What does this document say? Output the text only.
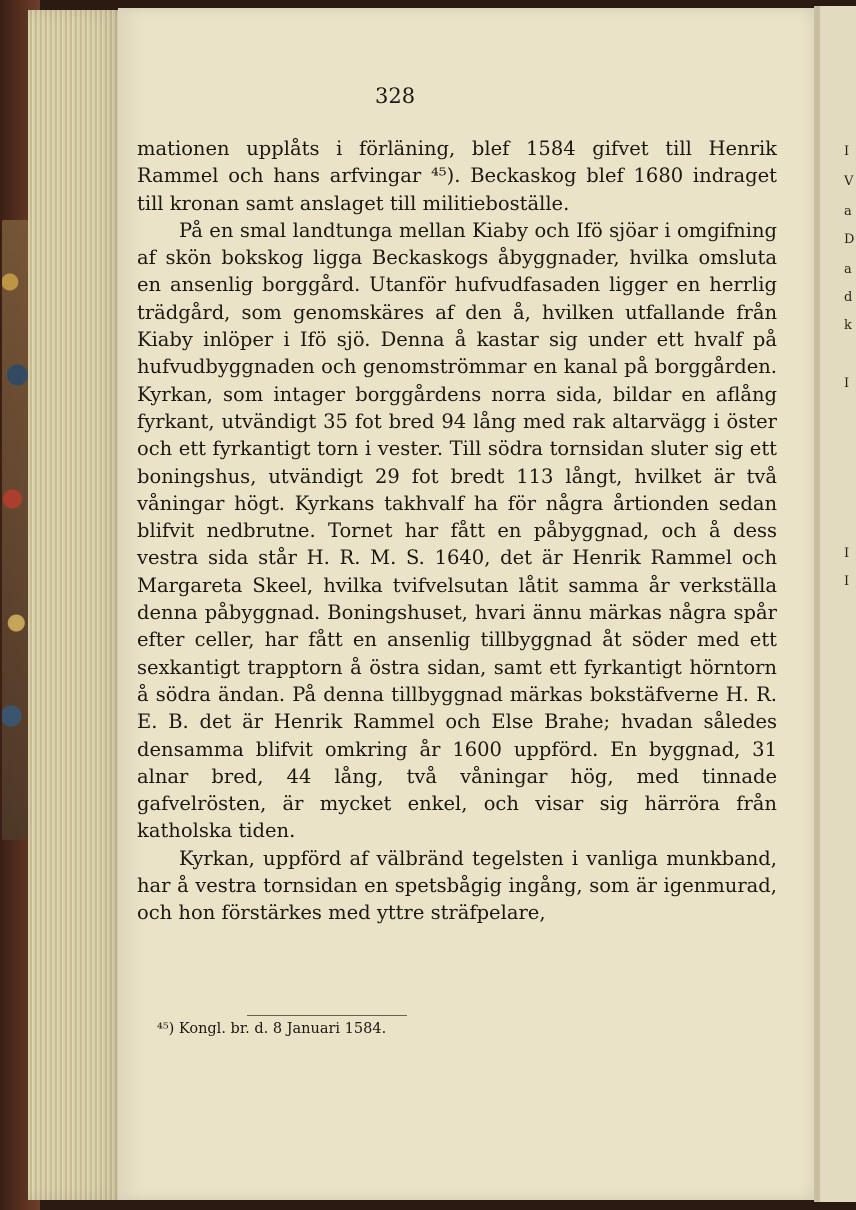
I
V
a
D
a
d
k
I
I
I
328

mationen upplåts i förläning, blef 1584 gifvet till Henrik Rammel och hans arfvingar ⁴⁵). Beckaskog blef 1680 indraget till kronan samt anslaget till militieboställe.

På en smal landtunga mellan Kiaby och Ifö sjöar i omgifning af skön bokskog ligga Beckaskogs åbyggnader, hvilka omsluta en ansenlig borggård. Utanför hufvudfasaden ligger en herrlig trädgård, som genomskäres af den å, hvilken utfallande från Kiaby inlöper i Ifö sjö. Denna å kastar sig under ett hvalf på hufvudbyggnaden och genomströmmar en kanal på borggården. Kyrkan, som intager borggårdens norra sida, bildar en aflång fyrkant, utvändigt 35 fot bred 94 lång med rak altarvägg i öster och ett fyrkantigt torn i vester. Till södra tornsidan sluter sig ett boningshus, utvändigt 29 fot bredt 113 långt, hvilket är två våningar högt. Kyrkans takhvalf ha för några årtionden sedan blifvit nedbrutne. Tornet har fått en påbyggnad, och å dess vestra sida står H. R. M. S. 1640, det är Henrik Rammel och Margareta Skeel, hvilka tvifvelsutan låtit samma år verkställa denna påbyggnad. Boningshuset, hvari ännu märkas några spår efter celler, har fått en ansenlig tillbyggnad åt söder med ett sexkantigt trapptorn å östra sidan, samt ett fyrkantigt hörntorn å södra ändan. På denna tillbyggnad märkas bokstäfverne H. R. E. B. det är Henrik Rammel och Else Brahe; hvadan således densamma blifvit omkring år 1600 uppförd. En byggnad, 31 alnar bred, 44 lång, två våningar hög, med tinnade gafvelrösten, är mycket enkel, och visar sig härröra från katholska tiden.

Kyrkan, uppförd af välbränd tegelsten i vanliga munkband, har å vestra tornsidan en spetsbågig ingång, som är igenmurad, och hon förstärkes med yttre sträfpelare,

⁴⁵) Kongl. br. d. 8 Januari 1584.
